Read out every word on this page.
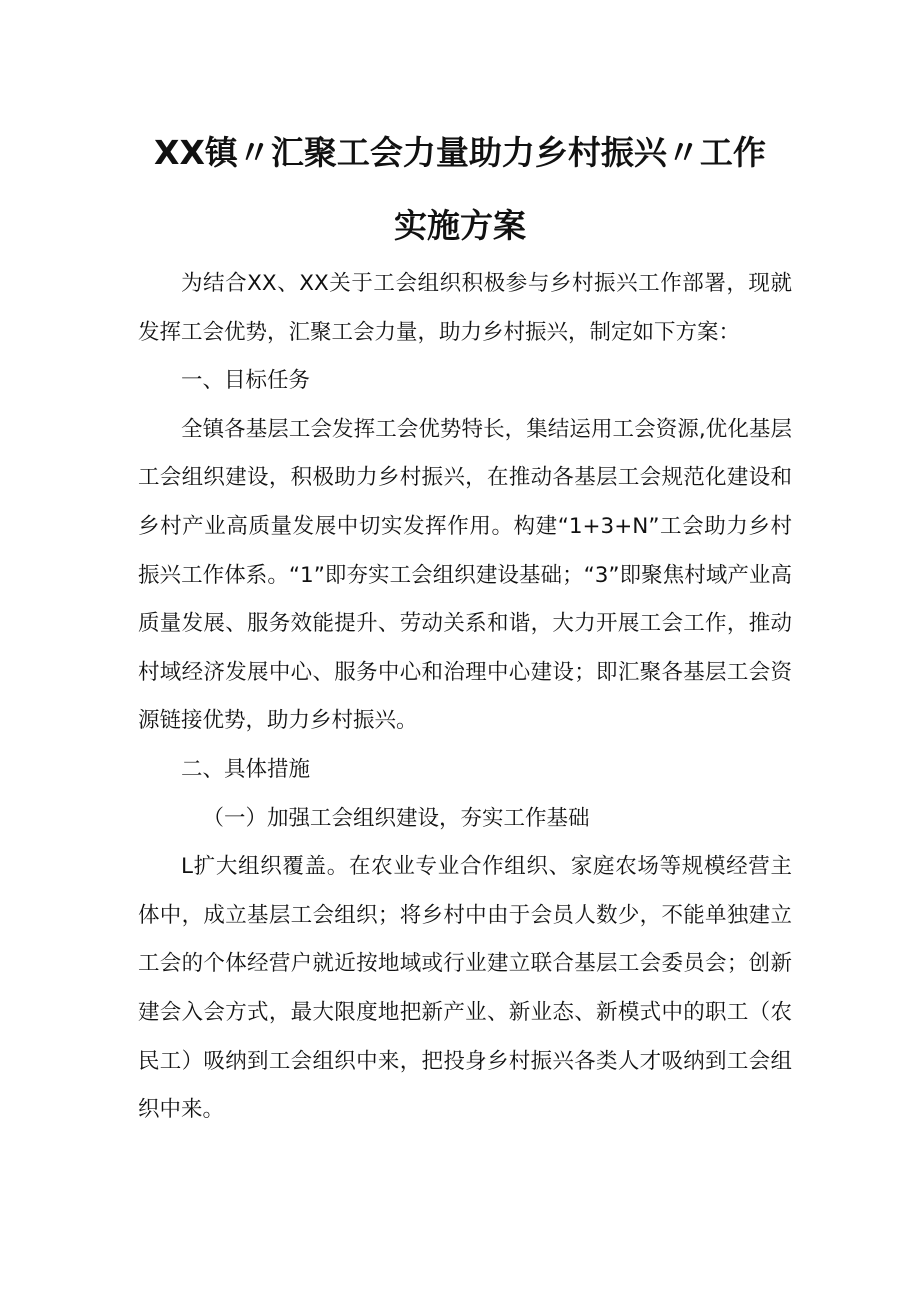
XX镇〃汇聚工会力量助力乡村振兴〃工作
实施方案

为结合XX、XX关于工会组织积极参与乡村振兴工作部署，现就发挥工会优势，汇聚工会力量，助力乡村振兴，制定如下方案：

一、目标任务

全镇各基层工会发挥工会优势特长，集结运用工会资源,优化基层工会组织建设，积极助力乡村振兴，在推动各基层工会规范化建设和乡村产业高质量发展中切实发挥作用。构建“1+3+N”工会助力乡村振兴工作体系。“1”即夯实工会组织建设基础；“3”即聚焦村域产业高质量发展、服务效能提升、劳动关系和谐，大力开展工会工作，推动村域经济发展中心、服务中心和治理中心建设；即汇聚各基层工会资源链接优势，助力乡村振兴。

二、具体措施

（一）加强工会组织建设，夯实工作基础

L扩大组织覆盖。在农业专业合作组织、家庭农场等规模经营主体中，成立基层工会组织；将乡村中由于会员人数少，不能单独建立工会的个体经营户就近按地域或行业建立联合基层工会委员会；创新建会入会方式，最大限度地把新产业、新业态、新模式中的职工（农民工）吸纳到工会组织中来，把投身乡村振兴各类人才吸纳到工会组织中来。
